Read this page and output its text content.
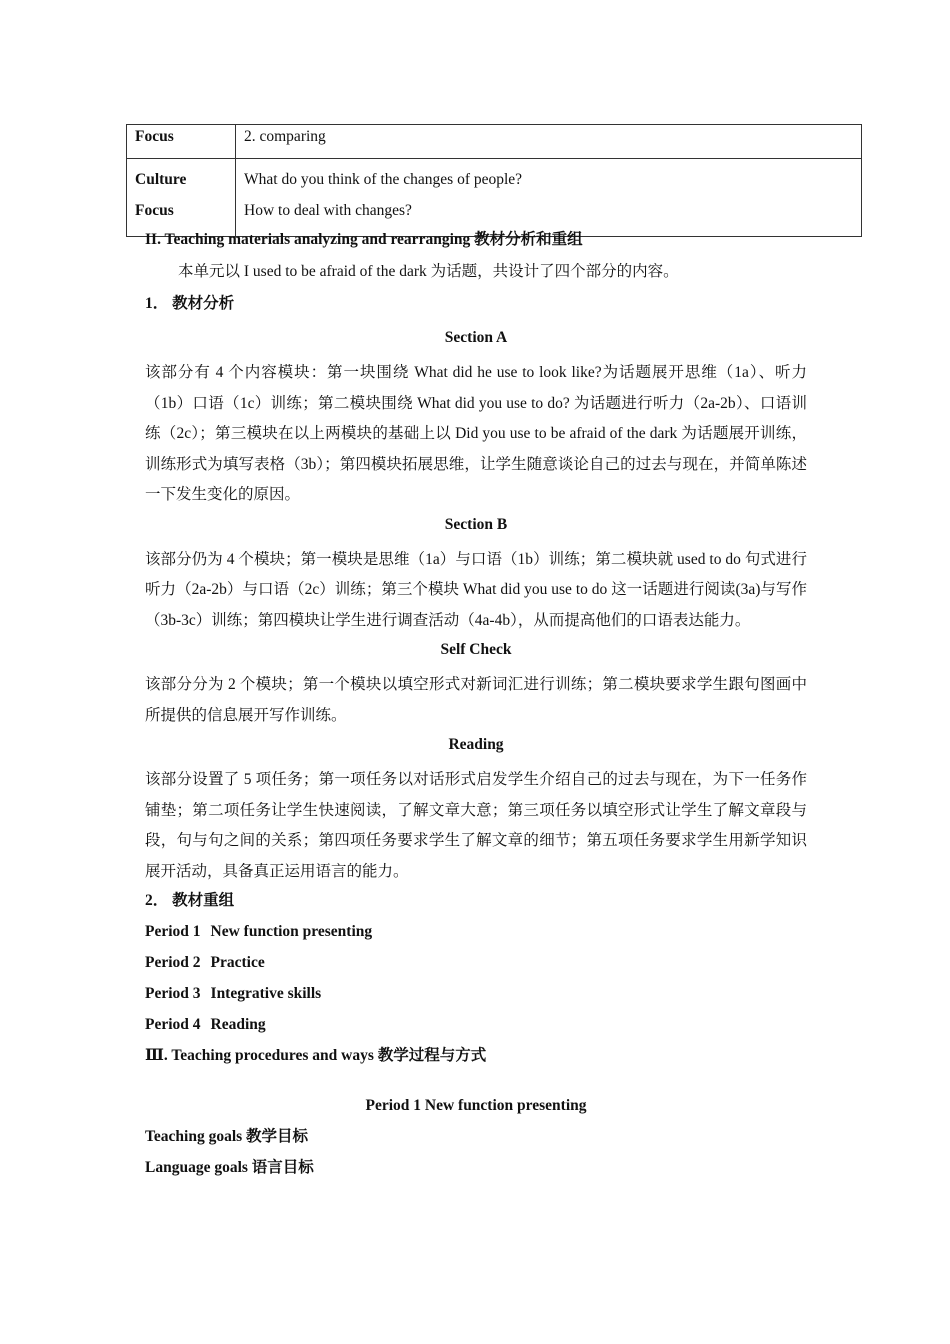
Focus	2. comparing

Culture
Focus	What do you think of the changes of people?
How to deal with changes?

II. Teaching materials analyzing and rearranging 教材分析和重组

本单元以 I used to be afraid of the dark 为话题，共设计了四个部分的内容。

1． 教材分析

Section A

该部分有 4 个内容模块：第一块围绕 What did he use to look like?为话题展开思维（1a）、听力（1b）口语（1c）训练；第二模块围绕 What did you use to do? 为话题进行听力（2a-2b）、口语训练（2c）；第三模块在以上两模块的基础上以 Did you use to be afraid of the dark 为话题展开训练，训练形式为填写表格（3b）；第四模块拓展思维，让学生随意谈论自己的过去与现在，并简单陈述一下发生变化的原因。

Section B

该部分仍为 4 个模块；第一模块是思维（1a）与口语（1b）训练；第二模块就 used to do 句式进行听力（2a-2b）与口语（2c）训练；第三个模块 What did you use to do 这一话题进行阅读(3a)与写作（3b-3c）训练；第四模块让学生进行调查活动（4a-4b），从而提高他们的口语表达能力。

Self Check

该部分分为 2 个模块；第一个模块以填空形式对新词汇进行训练；第二模块要求学生跟句图画中所提供的信息展开写作训练。

Reading

该部分设置了 5 项任务；第一项任务以对话形式启发学生介绍自己的过去与现在，为下一任务作铺垫；第二项任务让学生快速阅读，了解文章大意；第三项任务以填空形式让学生了解文章段与段，句与句之间的关系；第四项任务要求学生了解文章的细节；第五项任务要求学生用新学知识展开活动，具备真正运用语言的能力。

2． 教材重组

Period 1 New function presenting

Period 2 Practice

Period 3 Integrative skills

Period 4 Reading

Ⅲ. Teaching procedures and ways 教学过程与方式

Period 1 New function presenting

Teaching goals 教学目标

Language goals 语言目标
